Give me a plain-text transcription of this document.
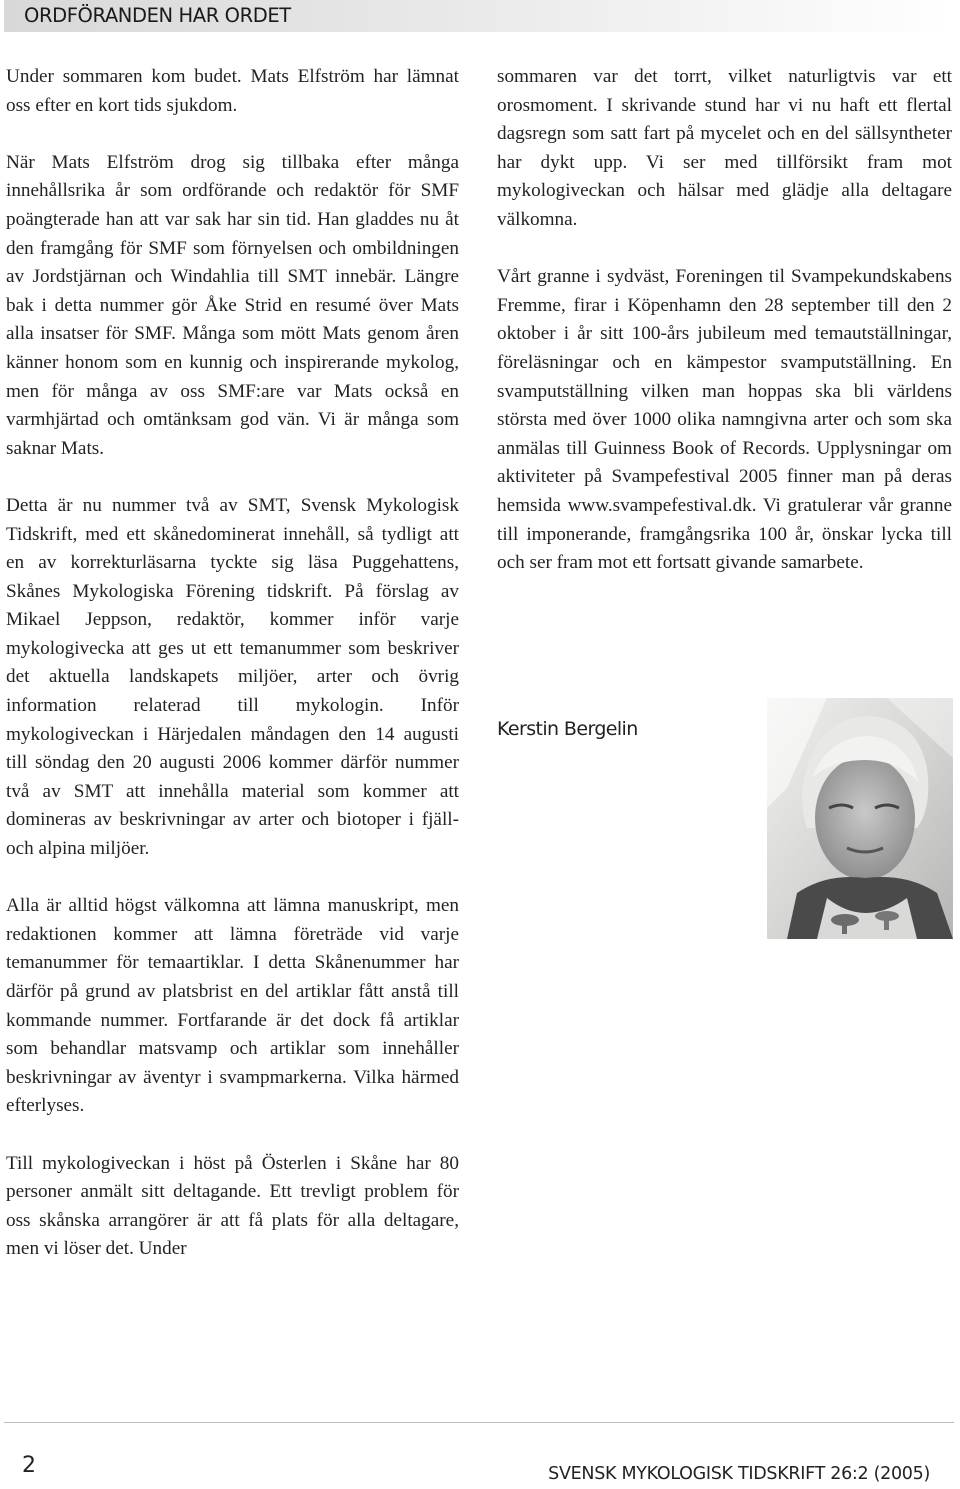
ORDFÖRANDEN HAR ORDET

Under sommaren kom budet. Mats Elfström har lämnat oss efter en kort tids sjukdom.

När Mats Elfström drog sig tillbaka efter många innehållsrika år som ordförande och redaktör för SMF poängterade han att var sak har sin tid. Han gladdes nu åt den framgång för SMF som förnyelsen och ombildningen av Jordstjärnan och Windahlia till SMT innebär. Längre bak i detta nummer gör Åke Strid en resumé över Mats alla insatser för SMF. Många som mött Mats genom åren känner honom som en kunnig och inspirerande mykolog, men för många av oss SMF:are var Mats också en varmhjärtad och omtänksam god vän. Vi är många som saknar Mats.

Detta är nu nummer två av SMT, Svensk Mykologisk Tidskrift, med ett skånedominerat innehåll, så tydligt att en av korrekturläsarna tyckte sig läsa Puggehattens, Skånes Mykologiska Förening tidskrift. På förslag av Mikael Jeppson, redaktör, kommer inför varje mykologivecka att ges ut ett temanummer som beskriver det aktuella landskapets miljöer, arter och övrig information relaterad till mykologin. Inför mykologiveckan i Härjedalen måndagen den 14 augusti till söndag den 20 augusti 2006 kommer därför nummer två av SMT att innehålla material som kommer att domineras av beskrivningar av arter och biotoper i fjäll- och alpina miljöer.

Alla är alltid högst välkomna att lämna manuskript, men redaktionen kommer att lämna företräde vid varje temanummer för temaartiklar. I detta Skånenummer har därför på grund av platsbrist en del artiklar fått anstå till kommande nummer. Fortfarande är det dock få artiklar som behandlar matsvamp och artiklar som innehåller beskrivningar av äventyr i svampmarkerna. Vilka härmed efterlyses.

Till mykologiveckan i höst på Österlen i Skåne har 80 personer anmält sitt deltagande. Ett trevligt problem för oss skånska arrangörer är att få plats för alla deltagare, men vi löser det. Under

sommaren var det torrt, vilket naturligtvis var ett orosmoment. I skrivande stund har vi nu haft ett flertal dagsregn som satt fart på mycelet och en del sällsyntheter har dykt upp. Vi ser med tillförsikt fram mot mykologiveckan och hälsar med glädje alla deltagare välkomna.

Vårt granne i sydväst, Foreningen til Svampekundskabens Fremme, firar i Köpenhamn den 28 september till den 2 oktober i år sitt 100-års jubileum med temautställningar, föreläsningar och en kämpestor svamputställning. En svamputställning vilken man hoppas ska bli världens största med över 1000 olika namngivna arter och som ska anmälas till Guinness Book of Records. Upplysningar om aktiviteter på Svampefestival 2005 finner man på deras hemsida www.svampefestival.dk. Vi gratulerar vår granne till imponerande, framgångsrika 100 år, önskar lycka till och ser fram mot ett fortsatt givande samarbete.

Kerstin Bergelin
2	SVENSK MYKOLOGISK TIDSKRIFT 26:2 (2005)
